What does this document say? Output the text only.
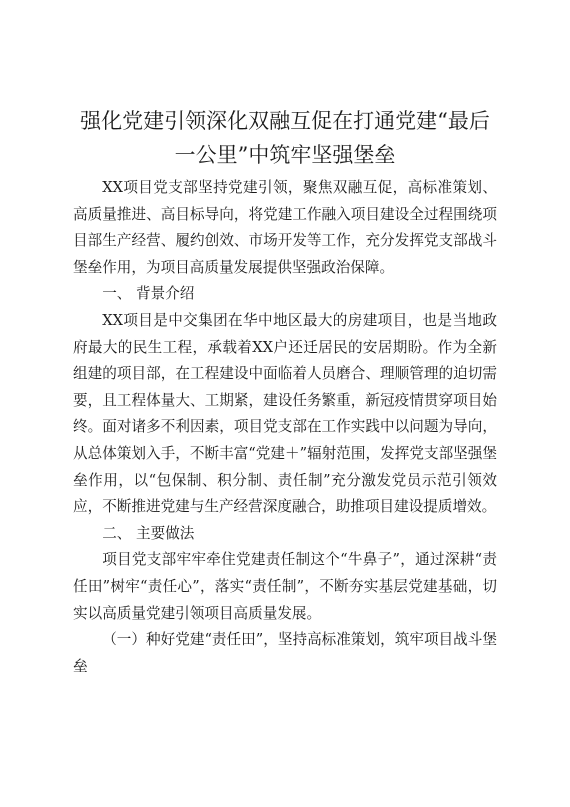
强化党建引领深化双融互促在打通党建“最后
一公里”中筑牢坚强堡垒

XX项目党支部坚持党建引领，聚焦双融互促，高标准策划、高质量推进、高目标导向，将党建工作融入项目建设全过程围绕项目部生产经营、履约创效、市场开发等工作，充分发挥党支部战斗堡垒作用，为项目高质量发展提供坚强政治保障。

一、 背景介绍

XX项目是中交集团在华中地区最大的房建项目，也是当地政府最大的民生工程，承载着XX户还迁居民的安居期盼。作为全新组建的项目部，在工程建设中面临着人员磨合、理顺管理的迫切需要，且工程体量大、工期紧，建设任务繁重，新冠疫情贯穿项目始终。面对诸多不利因素，项目党支部在工作实践中以问题为导向，从总体策划入手，不断丰富“党建＋”辐射范围，发挥党支部坚强堡垒作用，以“包保制、积分制、责任制”充分激发党员示范引领效应，不断推进党建与生产经营深度融合，助推项目建设提质增效。

二、 主要做法

项目党支部牢牢牵住党建责任制这个“牛鼻子”，通过深耕“责任田”树牢“责任心”，落实“责任制”，不断夯实基层党建基础，切实以高质量党建引领项目高质量发展。

（一）种好党建“责任田”，坚持高标准策划，筑牢项目战斗堡垒
